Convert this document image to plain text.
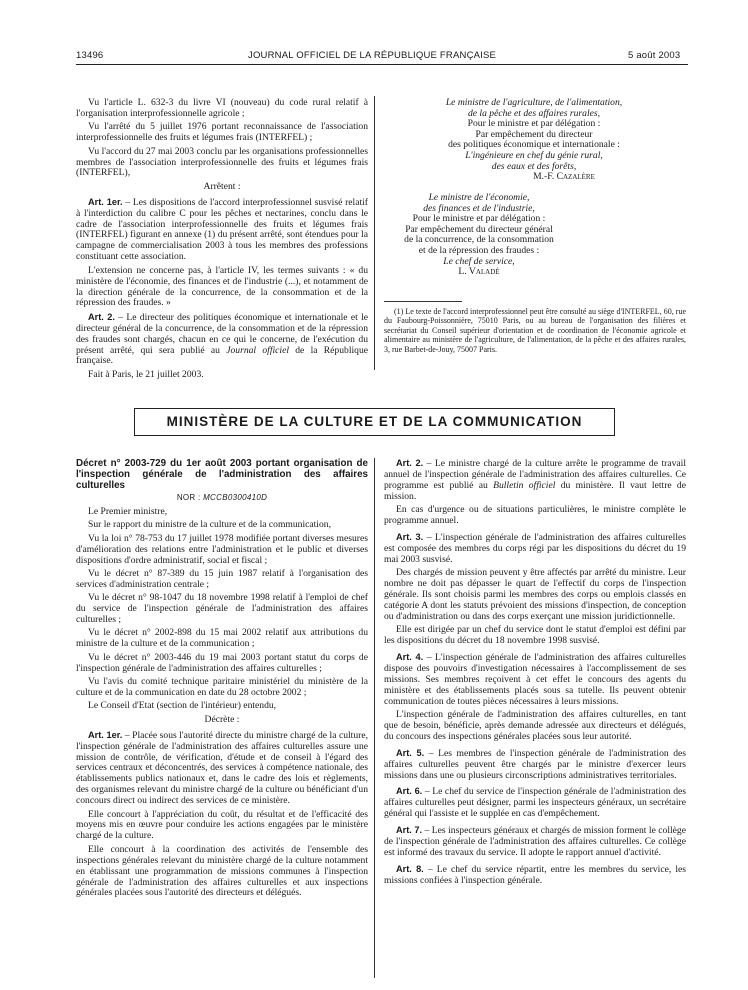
13496	JOURNAL OFFICIEL DE LA RÉPUBLIQUE FRANÇAISE	5 août 2003

Vu l'article L. 632-3 du livre VI (nouveau) du code rural relatif à l'organisation interprofessionnelle agricole ;

Vu l'arrêté du 5 juillet 1976 portant reconnaissance de l'association interprofessionnelle des fruits et légumes frais (INTERFEL) ;

Vu l'accord du 27 mai 2003 conclu par les organisations professionnelles membres de l'association interprofessionnelle des fruits et légumes frais (INTERFEL),

Arrêtent :

Art. 1er. – Les dispositions de l'accord interprofessionnel susvisé relatif à l'interdiction du calibre C pour les pêches et nectarines, conclu dans le cadre de l'association interprofessionnelle des fruits et légumes frais (INTERFEL) figurant en annexe (1) du présent arrêté, sont étendues pour la campagne de commercialisation 2003 à tous les membres des professions constituant cette association.

L'extension ne concerne pas, à l'article IV, les termes suivants : « du ministère de l'économie, des finances et de l'industrie (...), et notamment de la direction générale de la concurrence, de la consommation et de la répression des fraudes. »

Art. 2. – Le directeur des politiques économique et internationale et le directeur général de la concurrence, de la consommation et de la répression des fraudes sont chargés, chacun en ce qui le concerne, de l'exécution du présent arrêté, qui sera publié au Journal officiel de la République française.

Fait à Paris, le 21 juillet 2003.

Le ministre de l'agriculture, de l'alimentation,
de la pêche et des affaires rurales,
Pour le ministre et par délégation :
Par empêchement du directeur
des politiques économique et internationale :
L'ingénieure en chef du génie rural,
des eaux et des forêts,
M.-F. Cazalère
Le ministre de l'économie,
des finances et de l'industrie,
Pour le ministre et par délégation :
Par empêchement du directeur général
de la concurrence, de la consommation
et de la répression des fraudes :
Le chef de service,
L. Valadé

(1) Le texte de l'accord interprofessionnel peut être consulté au siège d'INTERFEL, 60, rue du Faubourg-Poissonnière, 75010 Paris, ou au bureau de l'organisation des filières et secrétariat du Conseil supérieur d'orientation et de coordination de l'économie agricole et alimentaire au ministère de l'agriculture, de l'alimentation, de la pêche et des affaires rurales, 3, rue Barbet-de-Jouy, 75007 Paris.

MINISTÈRE DE LA CULTURE ET DE LA COMMUNICATION
Décret n° 2003-729 du 1er août 2003 portant organisation de l'inspection générale de l'administration des affaires culturelles
NOR : MCCB0300410D

Le Premier ministre,

Sur le rapport du ministre de la culture et de la communication,

Vu la loi n° 78-753 du 17 juillet 1978 modifiée portant diverses mesures d'amélioration des relations entre l'administration et le public et diverses dispositions d'ordre administratif, social et fiscal ;

Vu le décret n° 87-389 du 15 juin 1987 relatif à l'organisation des services d'administration centrale ;

Vu le décret n° 98-1047 du 18 novembre 1998 relatif à l'emploi de chef du service de l'inspection générale de l'administration des affaires culturelles ;

Vu le décret n° 2002-898 du 15 mai 2002 relatif aux attributions du ministre de la culture et de la communication ;

Vu le décret n° 2003-446 du 19 mai 2003 portant statut du corps de l'inspection générale de l'administration des affaires culturelles ;

Vu l'avis du comité technique paritaire ministériel du ministère de la culture et de la communication en date du 28 octobre 2002 ;

Le Conseil d'Etat (section de l'intérieur) entendu,

Décrète :

Art. 1er. – Placée sous l'autorité directe du ministre chargé de la culture, l'inspection générale de l'administration des affaires culturelles assure une mission de contrôle, de vérification, d'étude et de conseil à l'égard des services centraux et déconcentrés, des services à compétence nationale, des établissements publics nationaux et, dans le cadre des lois et règlements, des organismes relevant du ministre chargé de la culture ou bénéficiant d'un concours direct ou indirect des services de ce ministère.

Elle concourt à l'appréciation du coût, du résultat et de l'efficacité des moyens mis en œuvre pour conduire les actions engagées par le ministère chargé de la culture.

Elle concourt à la coordination des activités de l'ensemble des inspections générales relevant du ministère chargé de la culture notamment en établissant une programmation de missions communes à l'inspection générale de l'administration des affaires culturelles et aux inspections générales placées sous l'autorité des directeurs et délégués.

Art. 2. – Le ministre chargé de la culture arrête le programme de travail annuel de l'inspection générale de l'administration des affaires culturelles. Ce programme est publié au Bulletin officiel du ministère. Il vaut lettre de mission.

En cas d'urgence ou de situations particulières, le ministre complète le programme annuel.

Art. 3. – L'inspection générale de l'administration des affaires culturelles est composée des membres du corps régi par les dispositions du décret du 19 mai 2003 susvisé.

Des chargés de mission peuvent y être affectés par arrêté du ministre. Leur nombre ne doit pas dépasser le quart de l'effectif du corps de l'inspection générale. Ils sont choisis parmi les membres des corps ou emplois classés en catégorie A dont les statuts prévoient des missions d'inspection, de conception ou d'administration ou dans des corps exerçant une mission juridictionnelle.

Elle est dirigée par un chef du service dont le statut d'emploi est défini par les dispositions du décret du 18 novembre 1998 susvisé.

Art. 4. – L'inspection générale de l'administration des affaires culturelles dispose des pouvoirs d'investigation nécessaires à l'accomplissement de ses missions. Ses membres reçoivent à cet effet le concours des agents du ministère et des établissements placés sous sa tutelle. Ils peuvent obtenir communication de toutes pièces nécessaires à leurs missions.

L'inspection générale de l'administration des affaires culturelles, en tant que de besoin, bénéficie, après demande adressée aux directeurs et délégués, du concours des inspections générales placées sous leur autorité.

Art. 5. – Les membres de l'inspection générale de l'administration des affaires culturelles peuvent être chargés par le ministre d'exercer leurs missions dans une ou plusieurs circonscriptions administratives territoriales.

Art. 6. – Le chef du service de l'inspection générale de l'administration des affaires culturelles peut désigner, parmi les inspecteurs généraux, un secrétaire général qui l'assiste et le supplée en cas d'empêchement.

Art. 7. – Les inspecteurs généraux et chargés de mission forment le collège de l'inspection générale de l'administration des affaires culturelles. Ce collège est informé des travaux du service. Il adopte le rapport annuel d'activité.

Art. 8. – Le chef du service répartit, entre les membres du service, les missions confiées à l'inspection générale.
